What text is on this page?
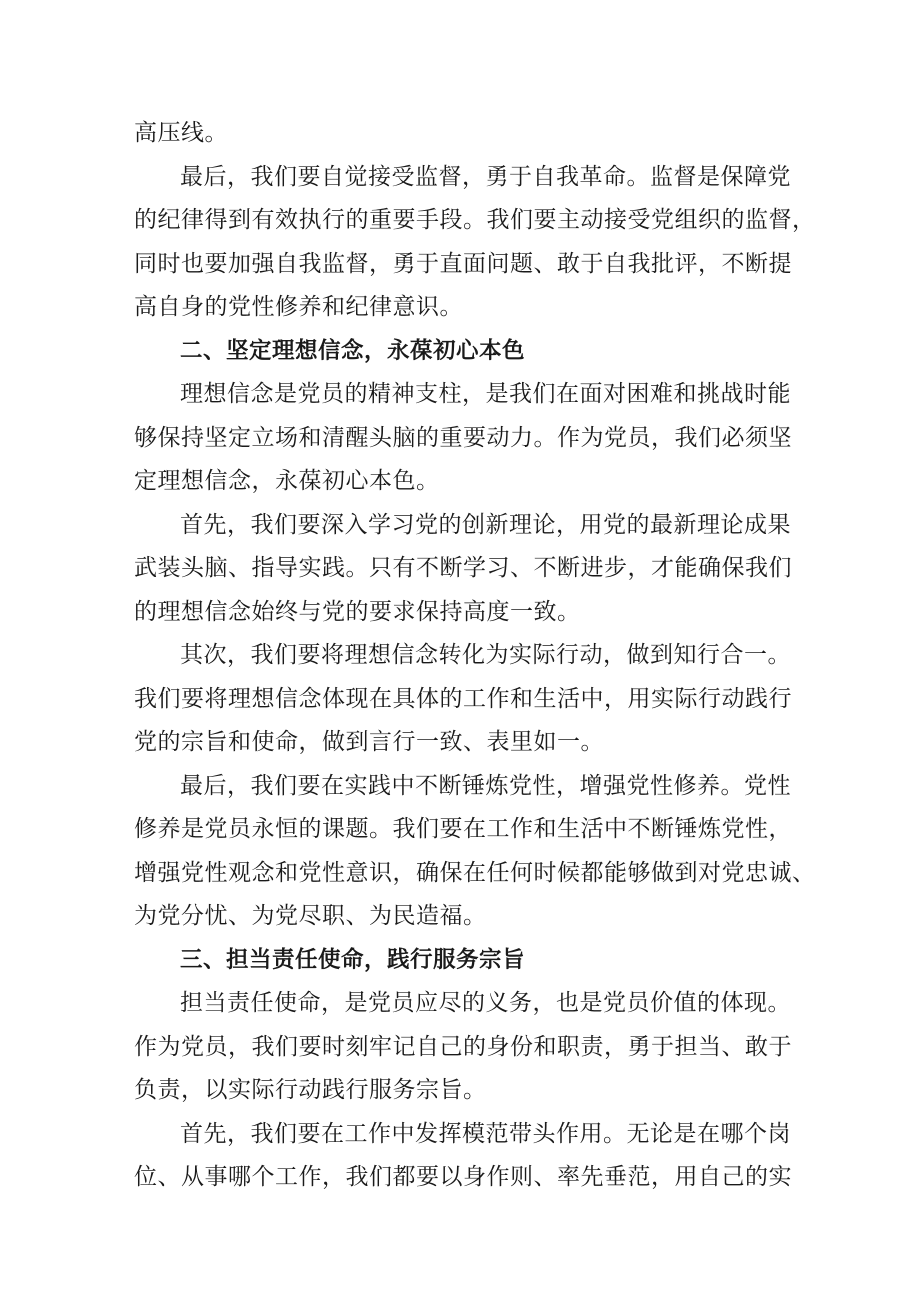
高压线。
最后，我们要自觉接受监督，勇于自我革命。监督是保障党
的纪律得到有效执行的重要手段。我们要主动接受党组织的监督，
同时也要加强自我监督，勇于直面问题、敢于自我批评，不断提
高自身的党性修养和纪律意识。
二、坚定理想信念，永葆初心本色
理想信念是党员的精神支柱，是我们在面对困难和挑战时能
够保持坚定立场和清醒头脑的重要动力。作为党员，我们必须坚
定理想信念，永葆初心本色。
首先，我们要深入学习党的创新理论，用党的最新理论成果
武装头脑、指导实践。只有不断学习、不断进步，才能确保我们
的理想信念始终与党的要求保持高度一致。
其次，我们要将理想信念转化为实际行动，做到知行合一。
我们要将理想信念体现在具体的工作和生活中，用实际行动践行
党的宗旨和使命，做到言行一致、表里如一。
最后，我们要在实践中不断锤炼党性，增强党性修养。党性
修养是党员永恒的课题。我们要在工作和生活中不断锤炼党性，
增强党性观念和党性意识，确保在任何时候都能够做到对党忠诚、
为党分忧、为党尽职、为民造福。
三、担当责任使命，践行服务宗旨
担当责任使命，是党员应尽的义务，也是党员价值的体现。
作为党员，我们要时刻牢记自己的身份和职责，勇于担当、敢于
负责，以实际行动践行服务宗旨。
首先，我们要在工作中发挥模范带头作用。无论是在哪个岗
位、从事哪个工作，我们都要以身作则、率先垂范，用自己的实
